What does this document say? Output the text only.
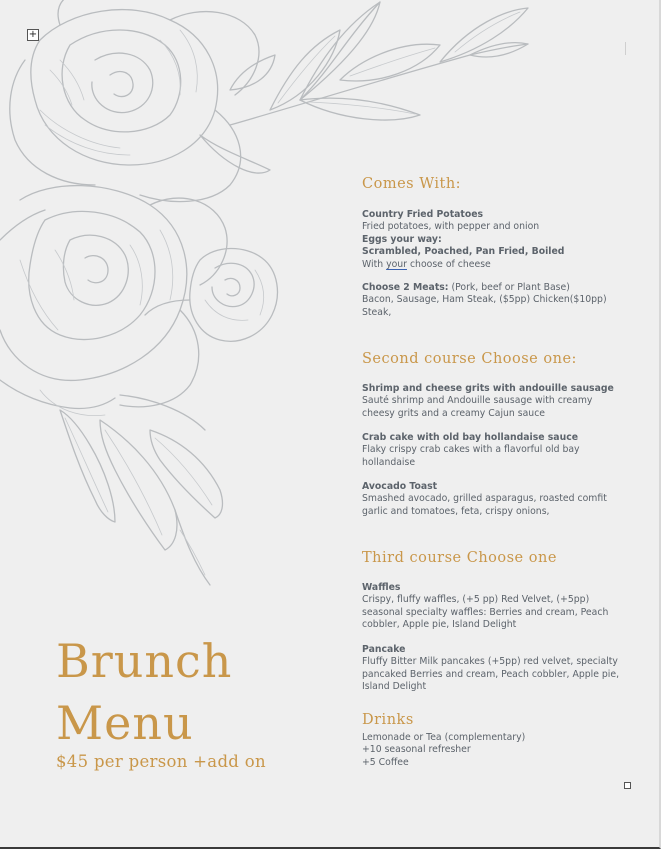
+
Brunch
Menu
$45 per person +add on
Comes With:
Country Fried Potatoes
Fried potatoes, with pepper and onion
Eggs your way:
Scrambled, Poached, Pan Fried, Boiled
With your choose of cheese
Choose 2 Meats: (Pork, beef or Plant Base)
Bacon, Sausage, Ham Steak, ($5pp) Chicken($10pp) Steak,
Second course Choose one:
Shrimp and cheese grits with andouille sausage
Sauté shrimp and Andouille sausage with creamy cheesy grits and a creamy Cajun sauce
Crab cake with old bay hollandaise sauce
Flaky crispy crab cakes with a flavorful old bay hollandaise
Avocado Toast
Smashed avocado, grilled asparagus, roasted comfit garlic and tomatoes, feta, crispy onions,
Third course Choose one
Waffles
Crispy, fluffy waffles, (+5 pp) Red Velvet, (+5pp) seasonal specialty waffles: Berries and cream, Peach cobbler, Apple pie, Island Delight
Pancake
Fluffy Bitter Milk pancakes (+5pp) red velvet, specialty pancaked Berries and cream, Peach cobbler, Apple pie, Island Delight
Drinks
Lemonade or Tea (complementary)
+10 seasonal refresher
+5 Coffee
